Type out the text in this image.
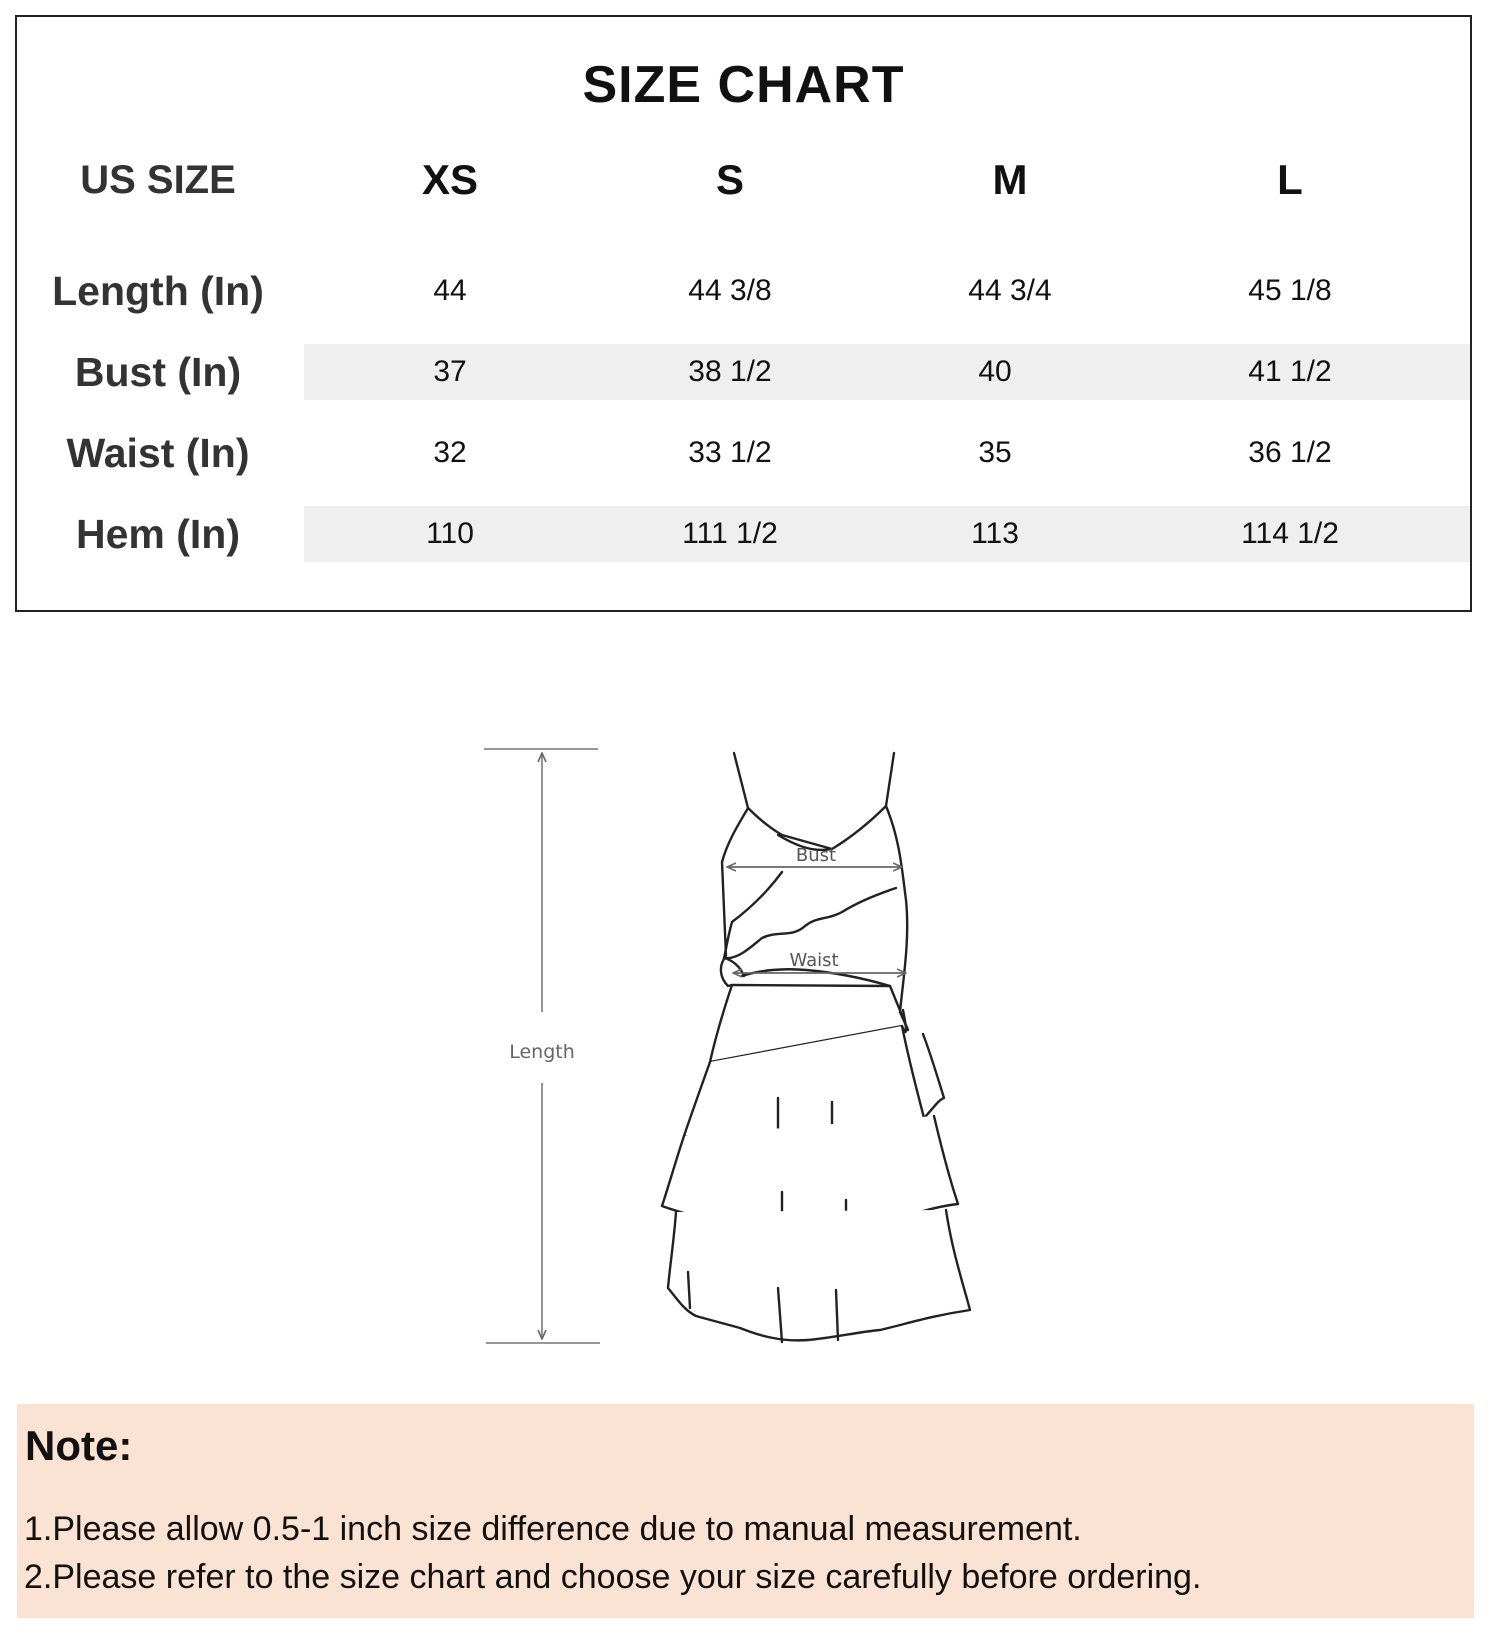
SIZE CHART
US SIZE	XS	S	M	L
Length (In)	44	44 3/8	44 3/4	45 1/8
Bust (In)	37	38 1/2	40	41 1/2
Waist (In)	32	33 1/2	35	36 1/2
Hem (In)	110	111 1/2	113	114 1/2
Length
Bust
Waist
Note:
1.Please allow 0.5-1 inch size difference due to manual measurement.
2.Please refer to the size chart and choose your size carefully before ordering.
